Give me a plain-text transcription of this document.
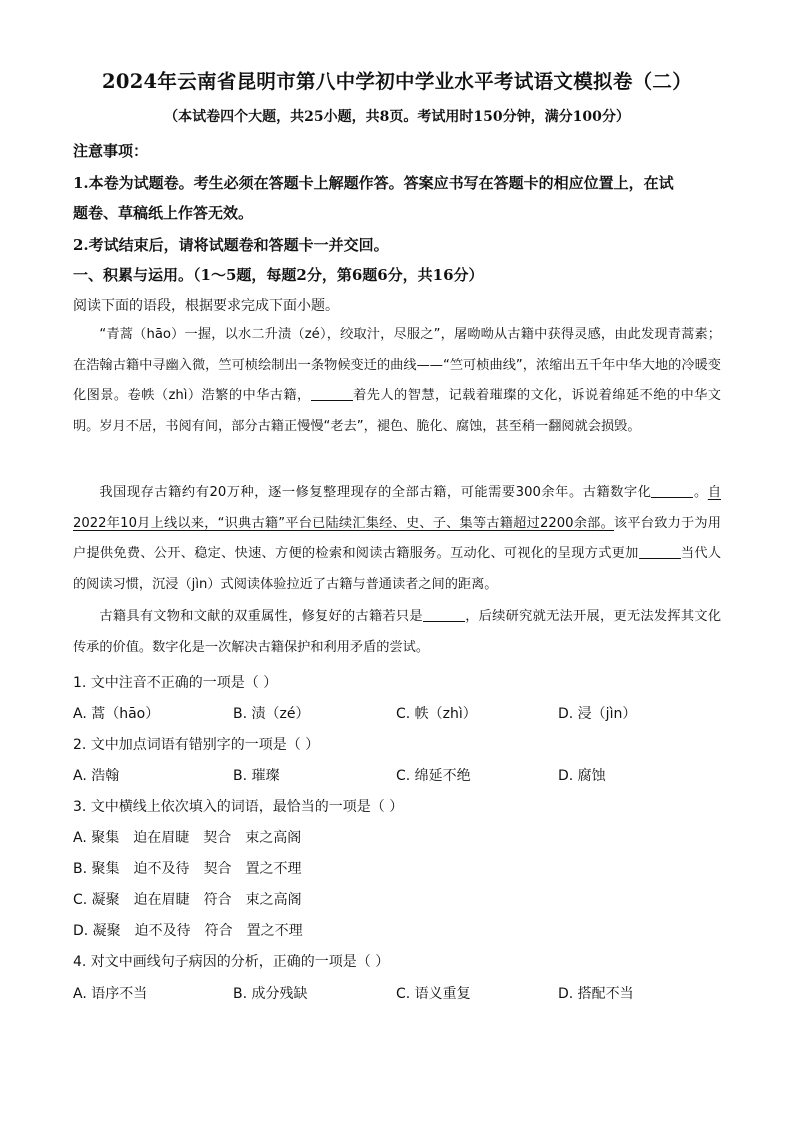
2024年云南省昆明市第八中学初中学业水平考试语文模拟卷（二）
（本试卷四个大题，共25小题，共8页。考试用时150分钟，满分100分）
注意事项：
1.本卷为试题卷。考生必须在答题卡上解题作答。答案应书写在答题卡的相应位置上，在试
题卷、草稿纸上作答无效。
2.考试结束后，请将试题卷和答题卡一并交回。
一、积累与运用。（1～5题，每题2分，第6题6分，共16分）
阅读下面的语段，根据要求完成下面小题。
“青蒿（hāo）一握，以水二升渍（zé），绞取汁，尽服之”，屠呦呦从古籍中获得灵感，由此发现青蒿素；在浩翰古籍中寻幽入微，竺可桢绘制出一条物候变迁的曲线——“竺可桢曲线”，浓缩出五千年中华大地的冷暖变化图景。卷帙（zhì）浩繁的中华古籍，	着先人的智慧，记载着璀璨的文化，诉说着绵延不绝的中华文明。岁月不居，书阅有间，部分古籍正慢慢“老去”，褪色、脆化、腐蚀，甚至稍一翻阅就会损毁。
我国现存古籍约有20万种，逐一修复整理现存的全部古籍，可能需要300余年。古籍数字化	。自2022年10月上线以来，“识典古籍”平台已陆续汇集经、史、子、集等古籍超过2200余部。该平台致力于为用户提供免费、公开、稳定、快速、方便的检索和阅读古籍服务。互动化、可视化的呈现方式更加	当代人的阅读习惯，沉浸（jìn）式阅读体验拉近了古籍与普通读者之间的距离。
古籍具有文物和文献的双重属性，修复好的古籍若只是	，后续研究就无法开展，更无法发挥其文化传承的价值。数字化是一次解决古籍保护和利用矛盾的尝试。
1. 文中注音不正确的一项是（ ）
A. 蒿（hāo）	B. 渍（zé）	C. 帙（zhì）	D. 浸（jìn）
2. 文中加点词语有错别字的一项是（ ）
A. 浩翰	B. 璀璨	C. 绵延不绝	D. 腐蚀
3. 文中横线上依次填入的词语，最恰当的一项是（ ）
A. 聚集　迫在眉睫　契合　束之高阁
B. 聚集　迫不及待　契合　置之不理
C. 凝聚　迫在眉睫　符合　束之高阁
D. 凝聚　迫不及待　符合　置之不理
4. 对文中画线句子病因的分析，正确的一项是（ ）
A. 语序不当	B. 成分残缺	C. 语义重复	D. 搭配不当
